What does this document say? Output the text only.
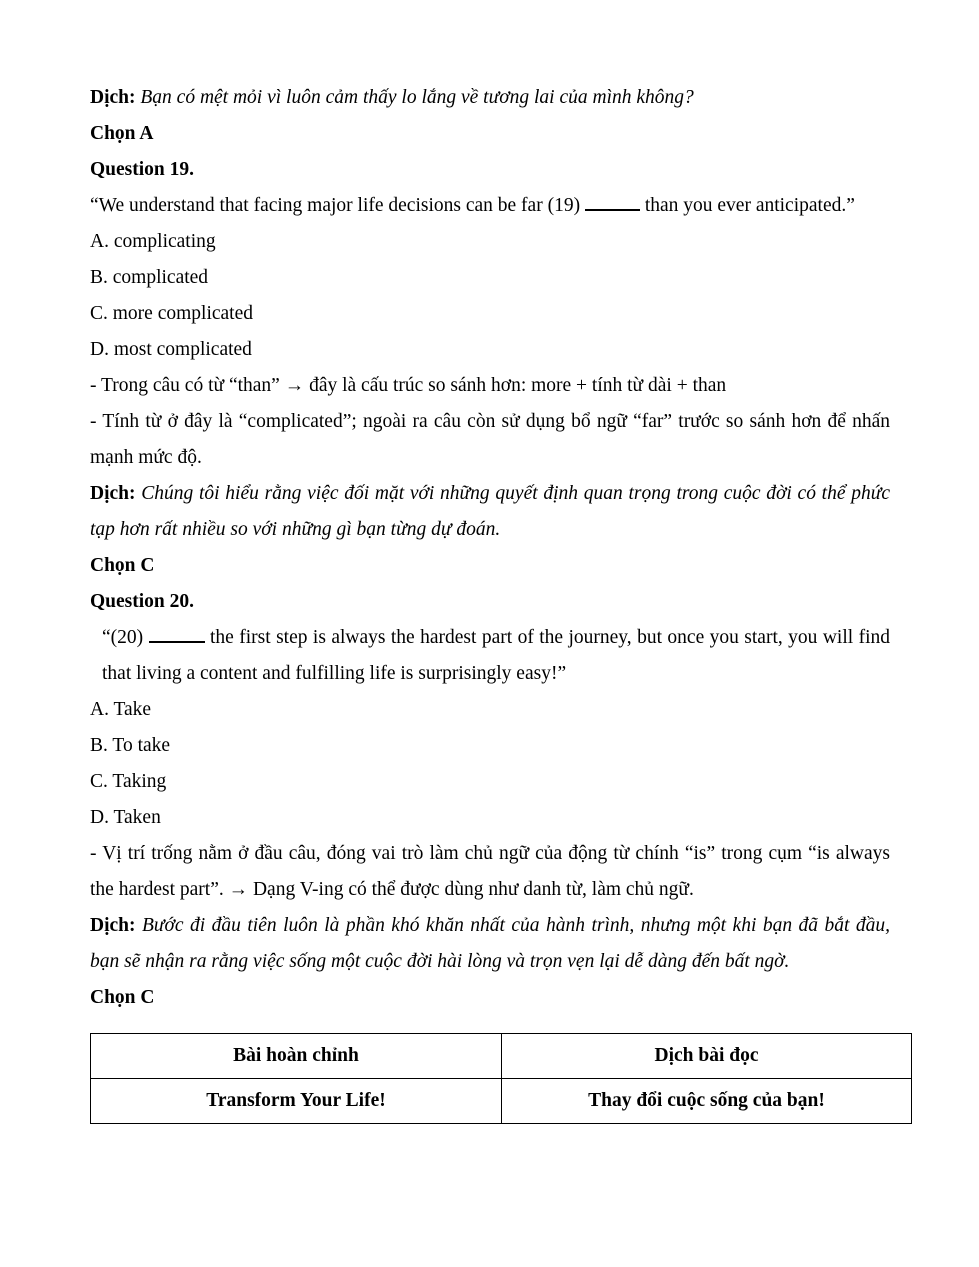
Dịch: Bạn có mệt mỏi vì luôn cảm thấy lo lắng về tương lai của mình không?

Chọn A

Question 19.

“We understand that facing major life decisions can be far (19)	than you ever anticipated.”

A. complicating

B. complicated

C. more complicated

D. most complicated

- Trong câu có từ “than” → đây là cấu trúc so sánh hơn: more + tính từ dài + than

- Tính từ ở đây là “complicated”; ngoài ra câu còn sử dụng bổ ngữ “far” trước so sánh hơn để nhấn mạnh mức độ.

Dịch: Chúng tôi hiểu rằng việc đối mặt với những quyết định quan trọng trong cuộc đời có thể phức tạp hơn rất nhiều so với những gì bạn từng dự đoán.

Chọn C

Question 20.

“(20)	the first step is always the hardest part of the journey, but once you start, you will find that living a content and fulfilling life is surprisingly easy!”

A. Take

B. To take

C. Taking

D. Taken

- Vị trí trống nằm ở đầu câu, đóng vai trò làm chủ ngữ của động từ chính “is” trong cụm “is always the hardest part”. → Dạng V-ing có thể được dùng như danh từ, làm chủ ngữ.

Dịch: Bước đi đầu tiên luôn là phần khó khăn nhất của hành trình, nhưng một khi bạn đã bắt đầu, bạn sẽ nhận ra rằng việc sống một cuộc đời hài lòng và trọn vẹn lại dễ dàng đến bất ngờ.

Chọn C

Bài hoàn chỉnh	Dịch bài đọc
Transform Your Life!	Thay đổi cuộc sống của bạn!
